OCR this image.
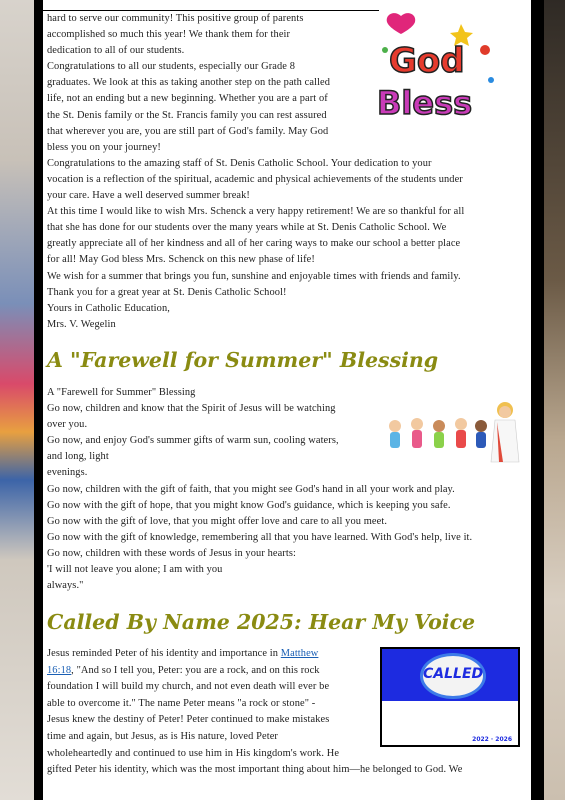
hard to serve our community! This positive group of parents
accomplished so much this year! We thank them for their
dedication to all of our students.
Congratulations to all our students, especially our Grade 8
graduates. We look at this as taking another step on the path called
life, not an ending but a new beginning. Whether you are a part of
the St. Denis family or the St. Francis family you can rest assured
that wherever you are, you are still part of God's family. May God
bless you on your journey!
Congratulations to the amazing staff of St. Denis Catholic School. Your dedication to your
vocation is a reflection of the spiritual, academic and physical achievements of the students under
your care. Have a well deserved summer break!
At this time I would like to wish Mrs. Schenck a very happy retirement! We are so thankful for all
that she has done for our students over the many years while at St. Denis Catholic School. We
greatly appreciate all of her kindness and all of her caring ways to make our school a better place
for all! May God bless Mrs. Schenck on this new phase of life!
We wish for a summer that brings you fun, sunshine and enjoyable times with friends and family.
Thank you for a great year at St. Denis Catholic School!
Yours in Catholic Education,
Mrs. V. Wegelin
God
Bless
A "Farewell for Summer" Blessing
A "Farewell for Summer" Blessing
Go now, children and know that the Spirit of Jesus will be watching
over you.
Go now, and enjoy God's summer gifts of warm sun, cooling waters,
and long, light
evenings.
Go now, children with the gift of faith, that you might see God's hand in all your work and play.
Go now with the gift of hope, that you might know God's guidance, which is keeping you safe.
Go now with the gift of love, that you might offer love and care to all you meet.
Go now with the gift of knowledge, remembering all that you have learned. With God's help, live it.
Go now, children with these words of Jesus in your hearts:
'I will not leave you alone; I am with you
always."
Called By Name 2025: Hear My Voice
Jesus reminded Peter of his identity and importance in Matthew
16:18, "And so I tell you, Peter: you are a rock, and on this rock
foundation I will build my church, and not even death will ever be
able to overcome it." The name Peter means "a rock or stone" -
Jesus knew the destiny of Peter! Peter continued to make mistakes
time and again, but Jesus, as is His nature, loved Peter
wholeheartedly and continued to use him in His kingdom's work. He
gifted Peter his identity, which was the most important thing about him—he belonged to God. We
CALLED
2022 · 2026
